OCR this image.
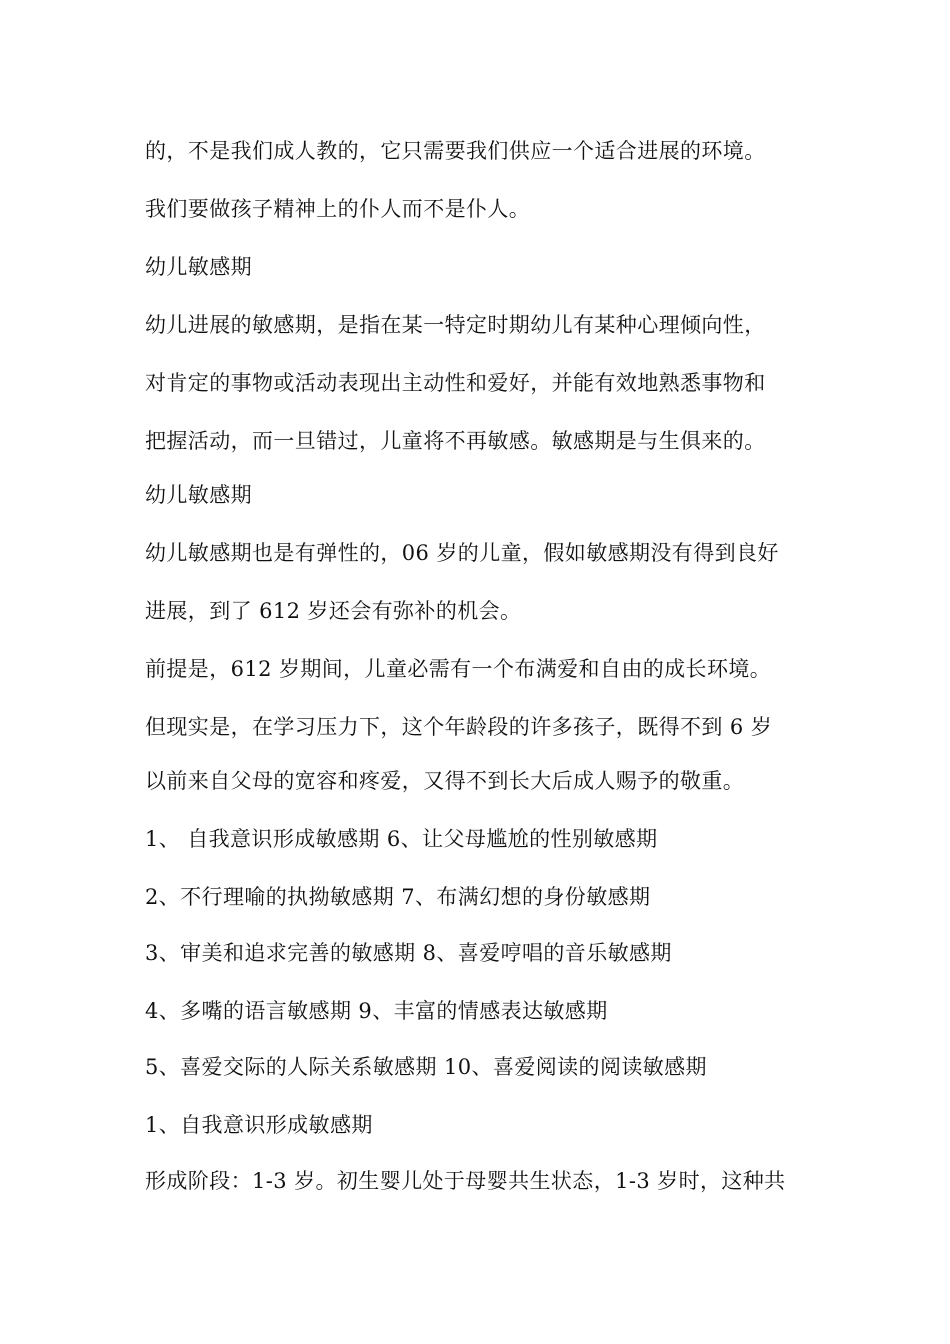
的，不是我们成人教的，它只需要我们供应一个适合进展的环境。
我们要做孩子精神上的仆人而不是仆人。
幼儿敏感期
幼儿进展的敏感期，是指在某一特定时期幼儿有某种心理倾向性，
对肯定的事物或活动表现出主动性和爱好，并能有效地熟悉事物和
把握活动，而一旦错过，儿童将不再敏感。敏感期是与生俱来的。
幼儿敏感期
幼儿敏感期也是有弹性的，06 岁的儿童，假如敏感期没有得到良好
进展，到了 612 岁还会有弥补的机会。
前提是，612 岁期间，儿童必需有一个布满爱和自由的成长环境。
但现实是，在学习压力下，这个年龄段的许多孩子，既得不到 6 岁
以前来自父母的宽容和疼爱，又得不到长大后成人赐予的敬重。
1、 自我意识形成敏感期 6、让父母尴尬的性别敏感期
2、不行理喻的执拗敏感期 7、布满幻想的身份敏感期
3、审美和追求完善的敏感期 8、喜爱哼唱的音乐敏感期
4、多嘴的语言敏感期 9、丰富的情感表达敏感期
5、喜爱交际的人际关系敏感期 10、喜爱阅读的阅读敏感期
1、自我意识形成敏感期
形成阶段：1-3 岁。初生婴儿处于母婴共生状态，1-3 岁时，这种共
